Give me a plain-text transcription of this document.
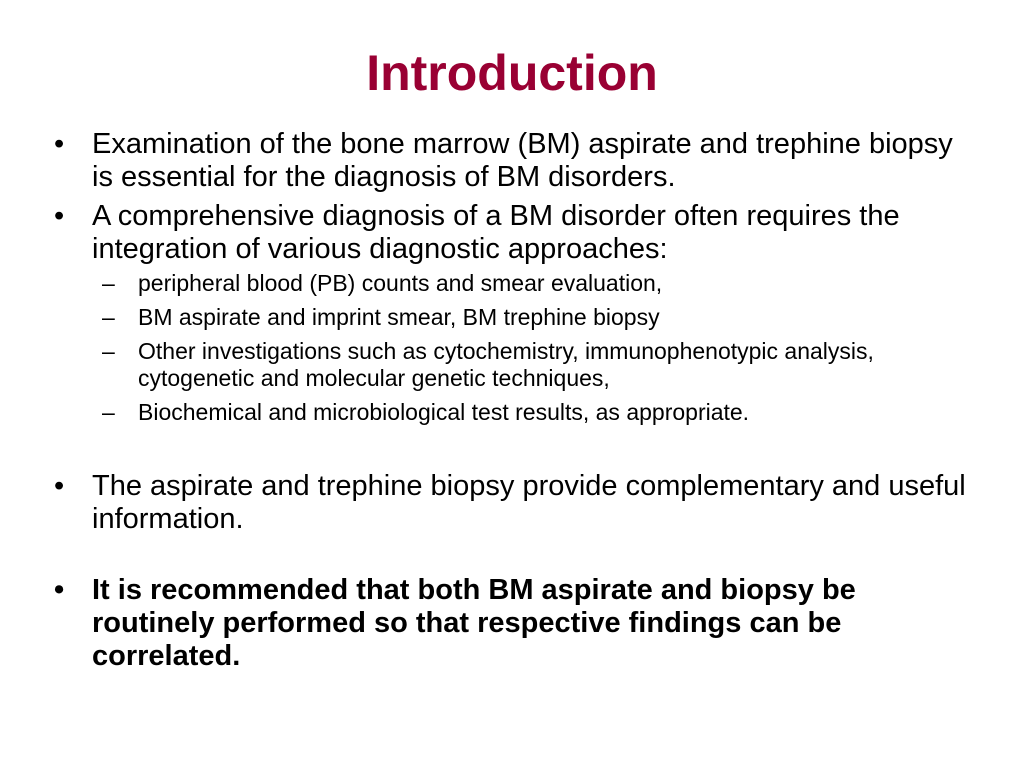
Introduction
• Examination of the bone marrow (BM) aspirate and trephine biopsy is essential for the diagnosis of BM disorders.
• A comprehensive diagnosis of a BM disorder often requires the integration of various diagnostic approaches:
– peripheral blood (PB) counts and smear evaluation,
– BM aspirate and imprint smear, BM trephine biopsy
– Other investigations such as cytochemistry, immunophenotypic analysis, cytogenetic and molecular genetic techniques,
– Biochemical and microbiological test results, as appropriate.
• The aspirate and trephine biopsy provide complementary and useful information.
• It is recommended that both BM aspirate and biopsy be routinely performed so that respective findings can be correlated.
